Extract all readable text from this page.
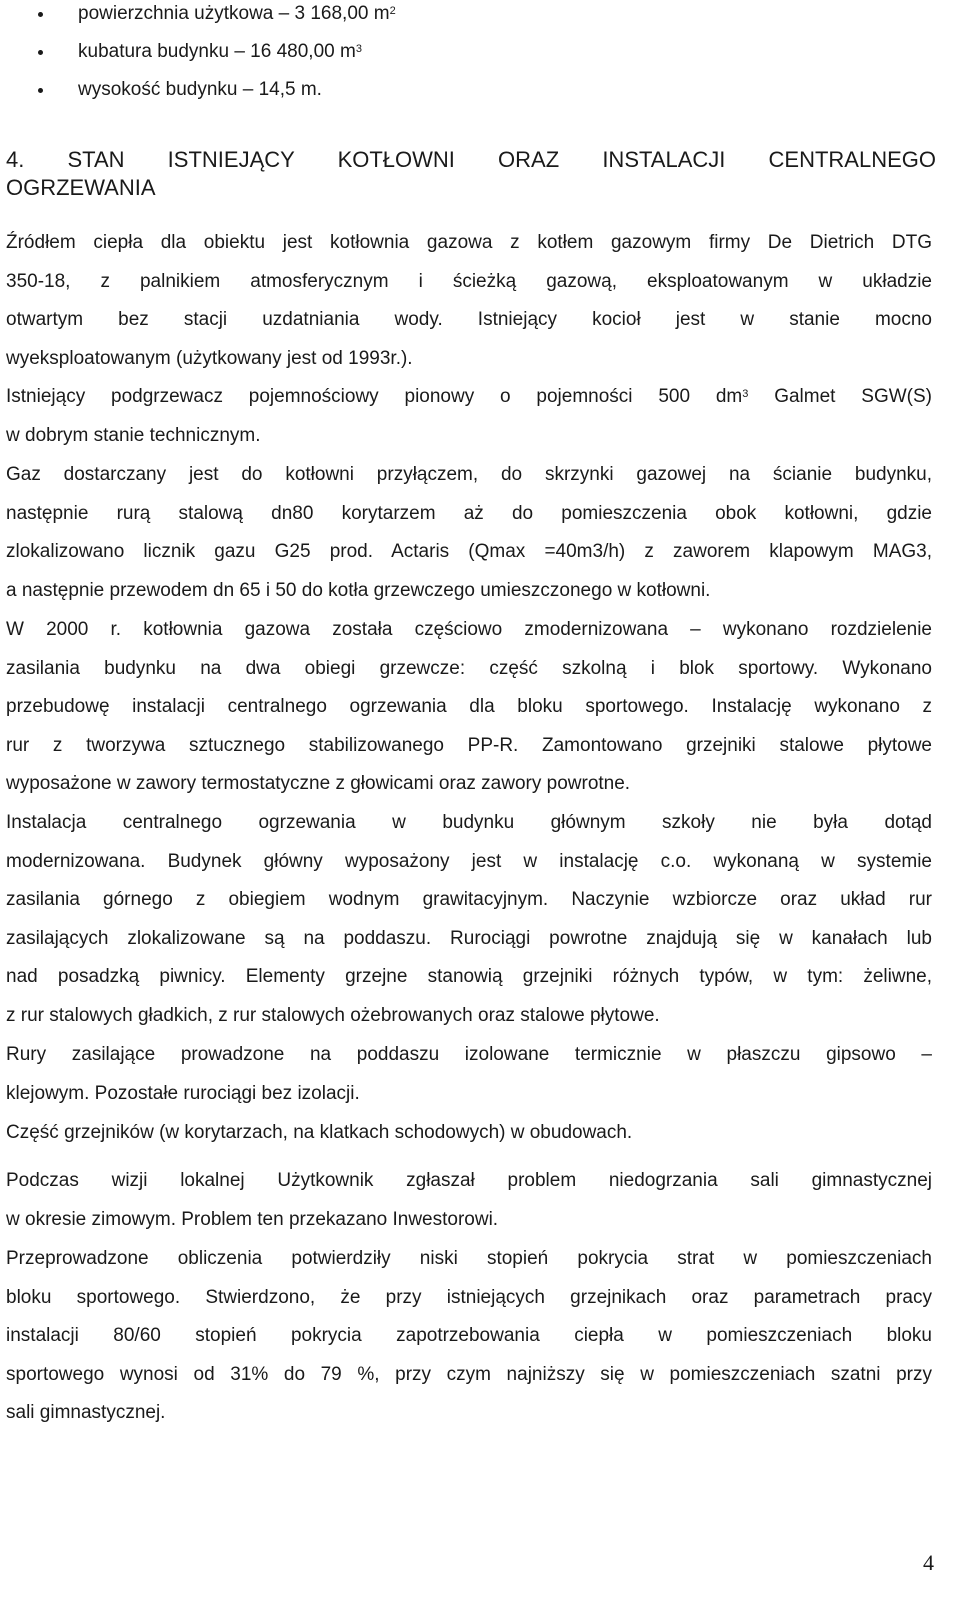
powierzchnia użytkowa – 3 168,00 $m^2$
kubatura budynku – 16 480,00 $m^3$
wysokość budynku – 14,5 m.
4. STAN ISTNIEJĄCY KOTŁOWNI ORAZ INSTALACJI CENTRALNEGO
OGRZEWANIA
Źródłem ciepła dla obiektu jest kotłownia gazowa z kotłem gazowym firmy De Dietrich DTG
350-18, z palnikiem atmosferycznym i ścieżką gazową, eksploatowanym w układzie
otwartym bez stacji uzdatniania wody. Istniejący kocioł jest w stanie mocno
wyeksploatowanym (użytkowany jest od 1993r.).
Istniejący podgrzewacz pojemnościowy pionowy o pojemności 500 $dm^3$ Galmet SGW(S)
w dobrym stanie technicznym.
Gaz dostarczany jest do kotłowni przyłączem, do skrzynki gazowej na ścianie budynku,
następnie rurą stalową dn80 korytarzem aż do pomieszczenia obok kotłowni, gdzie
zlokalizowano licznik gazu G25 prod. Actaris (Qmax =40m3/h) z zaworem klapowym MAG3,
a następnie przewodem dn 65 i 50 do kotła grzewczego umieszczonego w kotłowni.
W 2000 r. kotłownia gazowa została częściowo zmodernizowana – wykonano rozdzielenie
zasilania budynku na dwa obiegi grzewcze: część szkolną i blok sportowy. Wykonano
przebudowę instalacji centralnego ogrzewania dla bloku sportowego. Instalację wykonano z
rur z tworzywa sztucznego stabilizowanego PP-R. Zamontowano grzejniki stalowe płytowe
wyposażone w zawory termostatyczne z głowicami oraz zawory powrotne.
Instalacja centralnego ogrzewania w budynku głównym szkoły nie była dotąd
modernizowana. Budynek główny wyposażony jest w instalację c.o. wykonaną w systemie
zasilania górnego z obiegiem wodnym grawitacyjnym. Naczynie wzbiorcze oraz układ rur
zasilających zlokalizowane są na poddaszu. Rurociągi powrotne znajdują się w kanałach lub
nad posadzką piwnicy. Elementy grzejne stanowią grzejniki różnych typów, w tym: żeliwne,
z rur stalowych gładkich, z rur stalowych ożebrowanych oraz stalowe płytowe.
Rury zasilające prowadzone na poddaszu izolowane termicznie w płaszczu gipsowo –
klejowym. Pozostałe rurociągi bez izolacji.
Część grzejników (w korytarzach, na klatkach schodowych) w obudowach.
Podczas wizji lokalnej Użytkownik zgłaszał problem niedogrzania sali gimnastycznej
w okresie zimowym. Problem ten przekazano Inwestorowi.
Przeprowadzone obliczenia potwierdziły niski stopień pokrycia strat w pomieszczeniach
bloku sportowego. Stwierdzono, że przy istniejących grzejnikach oraz parametrach pracy
instalacji 80/60 stopień pokrycia zapotrzebowania ciepła w pomieszczeniach bloku
sportowego wynosi od 31% do 79 %, przy czym najniższy się w pomieszczeniach szatni przy
sali gimnastycznej.
4
